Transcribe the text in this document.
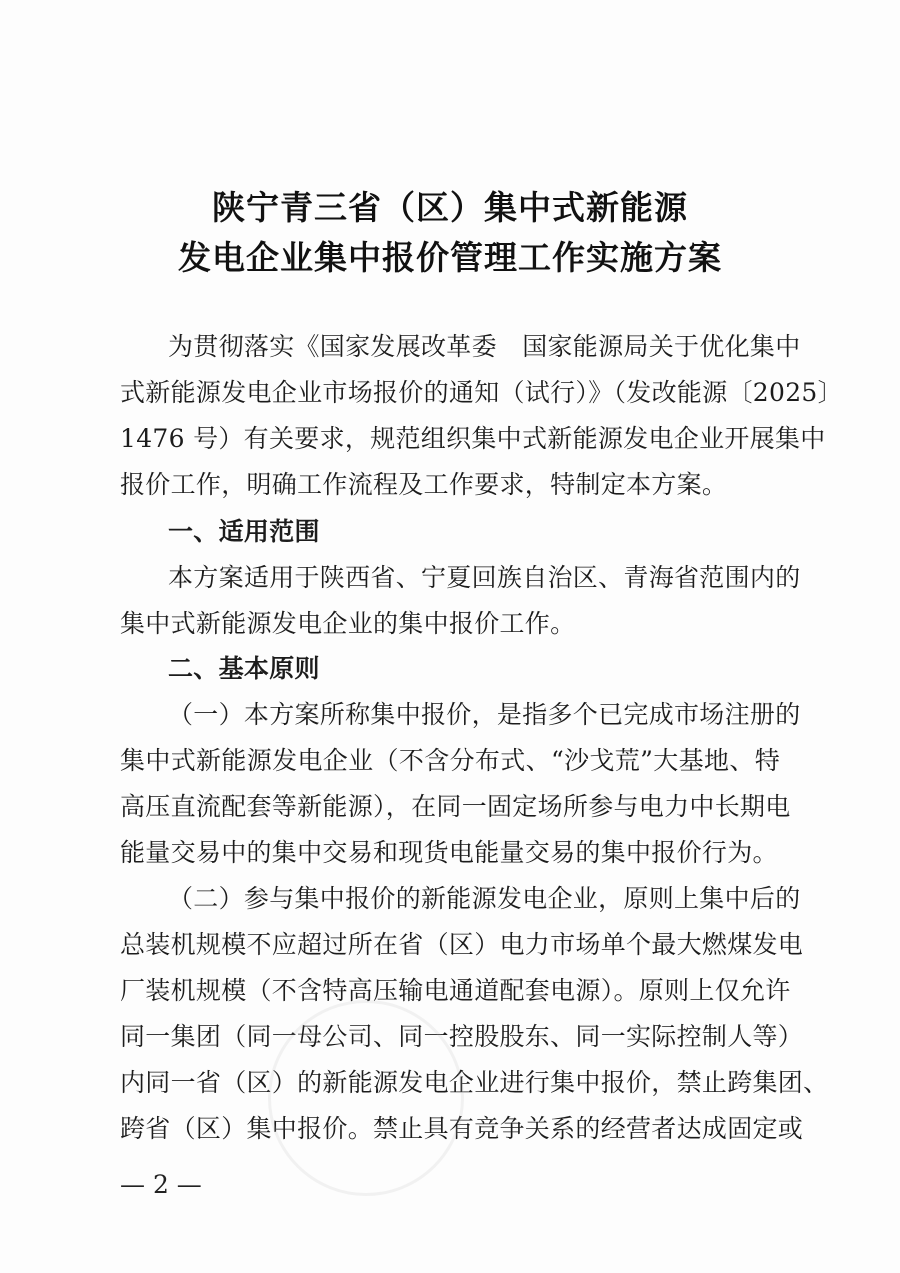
陕宁青三省（区）集中式新能源
发电企业集中报价管理工作实施方案
为贯彻落实《国家发展改革委　国家能源局关于优化集中
式新能源发电企业市场报价的通知（试行）》（发改能源〔2025〕
1476 号）有关要求，规范组织集中式新能源发电企业开展集中
报价工作，明确工作流程及工作要求，特制定本方案。
一、适用范围
本方案适用于陕西省、宁夏回族自治区、青海省范围内的
集中式新能源发电企业的集中报价工作。
二、基本原则
（一）本方案所称集中报价，是指多个已完成市场注册的
集中式新能源发电企业（不含分布式、“沙戈荒”大基地、特
高压直流配套等新能源），在同一固定场所参与电力中长期电
能量交易中的集中交易和现货电能量交易的集中报价行为。
（二）参与集中报价的新能源发电企业，原则上集中后的
总装机规模不应超过所在省（区）电力市场单个最大燃煤发电
厂装机规模（不含特高压输电通道配套电源）。原则上仅允许
同一集团（同一母公司、同一控股股东、同一实际控制人等）
内同一省（区）的新能源发电企业进行集中报价，禁止跨集团、
跨省（区）集中报价。禁止具有竞争关系的经营者达成固定或
— 2 —
